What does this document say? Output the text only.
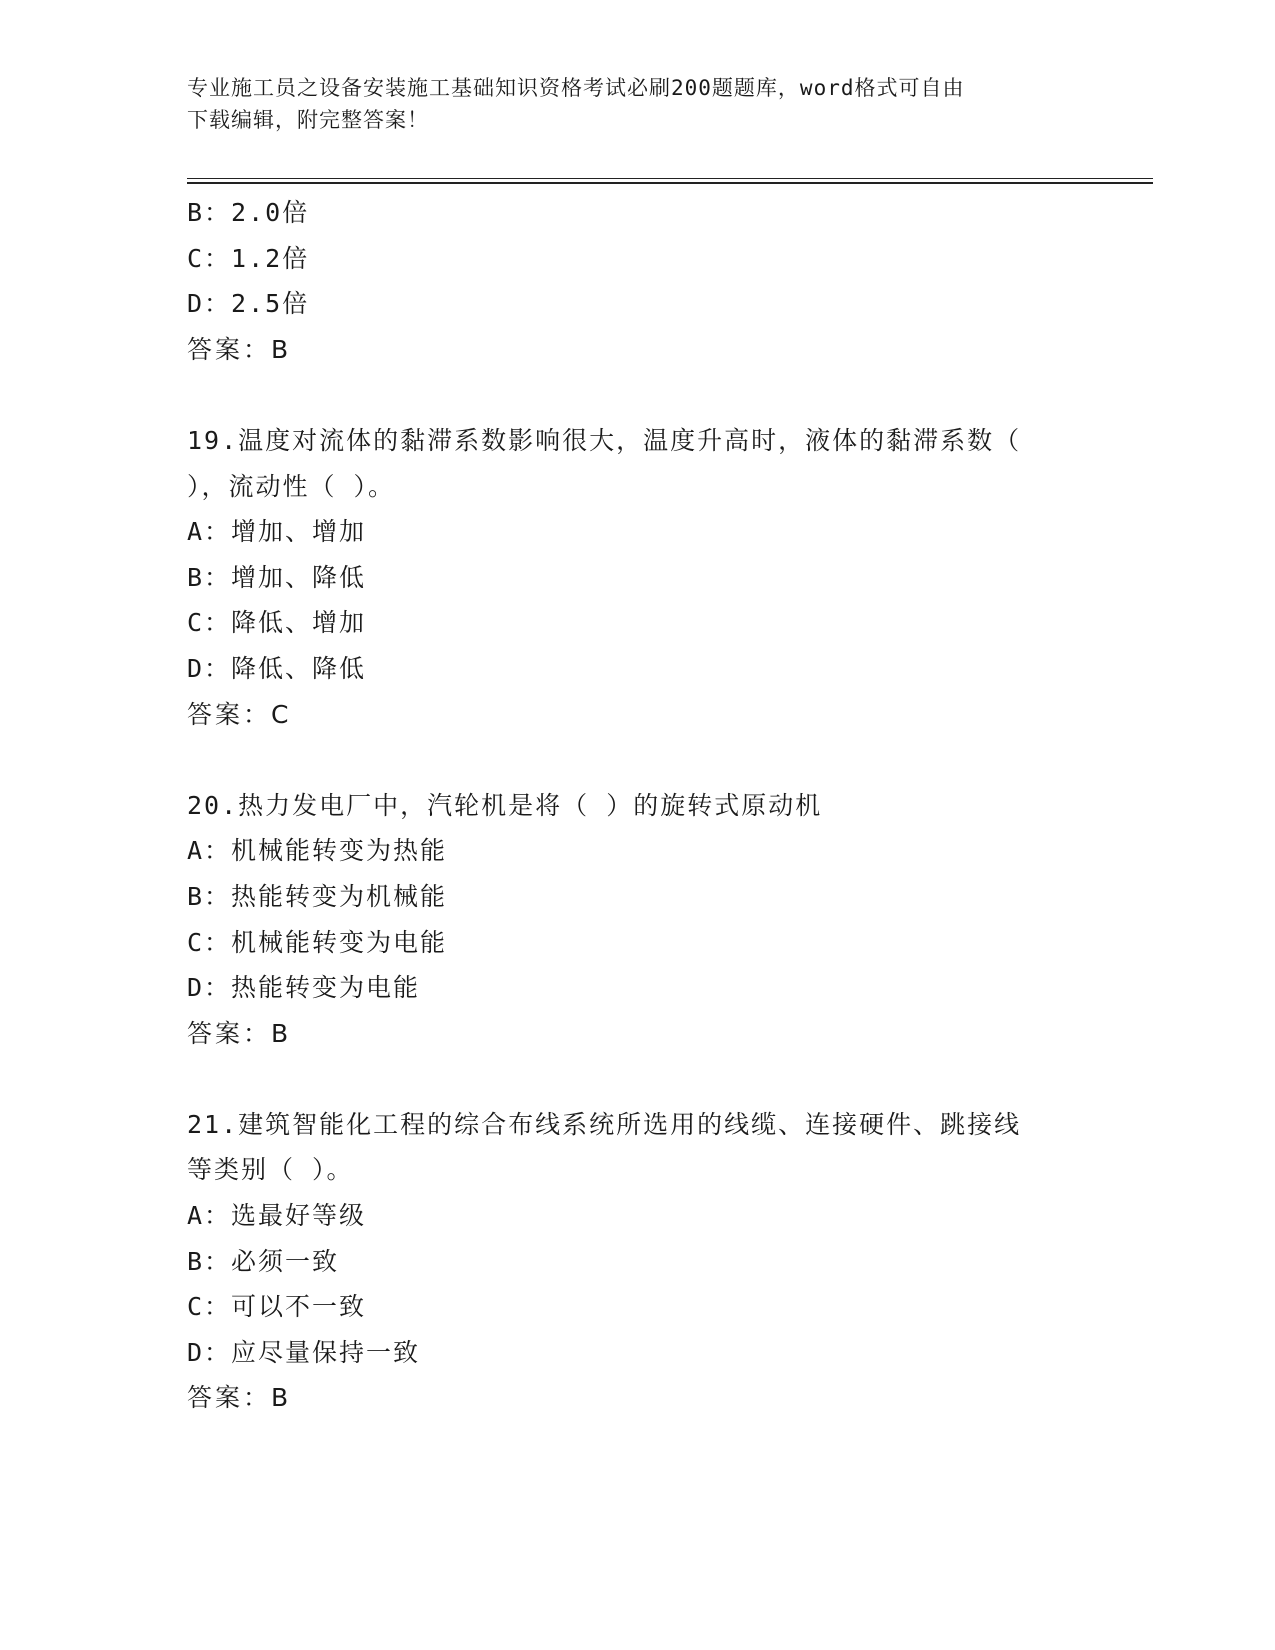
专业施工员之设备安装施工基础知识资格考试必刷200题题库，word格式可自由
下载编辑，附完整答案！
B：2.0倍
C：1.2倍
D：2.5倍
答案：B
19.温度对流体的黏滞系数影响很大，温度升高时，液体的黏滞系数（
），流动性（ ）。
A：增加、增加
B：增加、降低
C：降低、增加
D：降低、降低
答案：C
20.热力发电厂中，汽轮机是将（ ）的旋转式原动机
A：机械能转变为热能
B：热能转变为机械能
C：机械能转变为电能
D：热能转变为电能
答案：B
21.建筑智能化工程的综合布线系统所选用的线缆、连接硬件、跳接线
等类别（ ）。
A：选最好等级
B：必须一致
C：可以不一致
D：应尽量保持一致
答案：B
